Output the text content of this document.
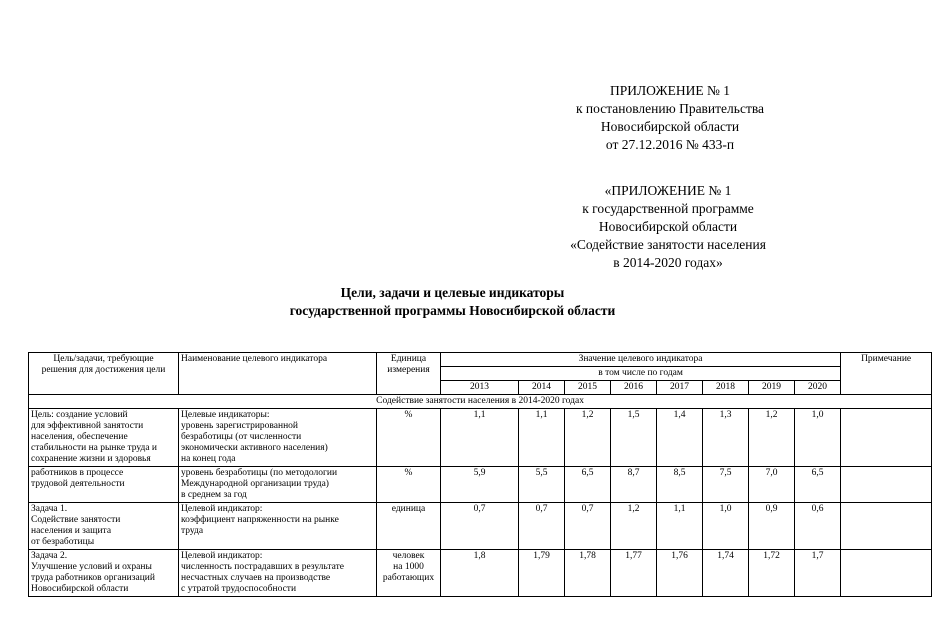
ПРИЛОЖЕНИЕ № 1
к постановлению Правительства
Новосибирской области
от 27.12.2016 № 433-п
«ПРИЛОЖЕНИЕ № 1
к государственной программе
Новосибирской области
«Содействие занятости населения
в 2014-2020 годах»
Цели, задачи и целевые индикаторы
государственной программы Новосибирской области
Цель/задачи, требующие
решения для достижения цели	Наименование целевого индикатора	Единица
измерения	Значение целевого индикатора								Примечание
			в том числе по годам								
			2013	2014	2015	2016	2017	2018	2019	2020	
Содействие занятости населения в 2014-2020 годах											
Цель: создание условий
для эффективной занятости
населения, обеспечение
стабильности на рынке труда и
сохранение жизни и здоровья	Целевые индикаторы:
уровень зарегистрированной
безработицы (от численности
экономически активного населения)
на конец года	%	1,1	1,1	1,2	1,5	1,4	1,3	1,2	1,0	
работников в процессе
трудовой деятельности	уровень безработицы (по методологии
Международной организации труда)
в среднем за год	%	5,9	5,5	6,5	8,7	8,5	7,5	7,0	6,5	
Задача 1.
Содействие занятости
населения и защита
от безработицы	Целевой индикатор:
коэффициент напряженности на рынке
труда	единица	0,7	0,7	0,7	1,2	1,1	1,0	0,9	0,6	
Задача 2.
Улучшение условий и охраны
труда работников организаций
Новосибирской области	Целевой индикатор:
численность пострадавших в результате
несчастных случаев на производстве
с утратой трудоспособности	человек
на 1000
работающих	1,8	1,79	1,78	1,77	1,76	1,74	1,72	1,7	
